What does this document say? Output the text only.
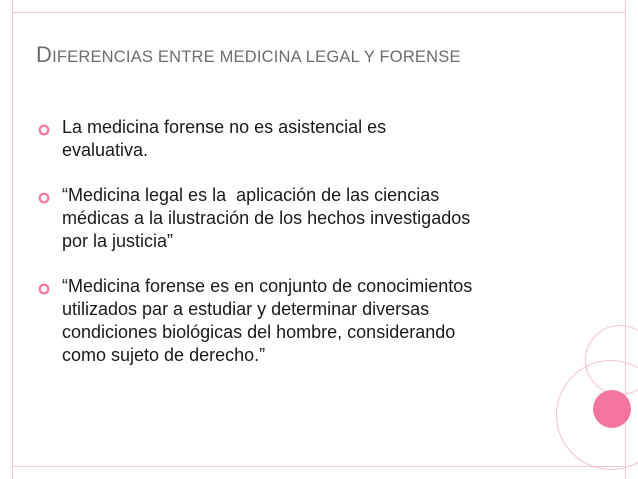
DIFERENCIAS ENTRE MEDICINA LEGAL Y FORENSE
La medicina forense no es asistencial es
evaluativa.
“Medicina legal es la  aplicación de las ciencias
médicas a la ilustración de los hechos investigados
por la justicia”
“Medicina forense es en conjunto de conocimientos
utilizados par a estudiar y determinar diversas
condiciones biológicas del hombre, considerando
como sujeto de derecho.”
